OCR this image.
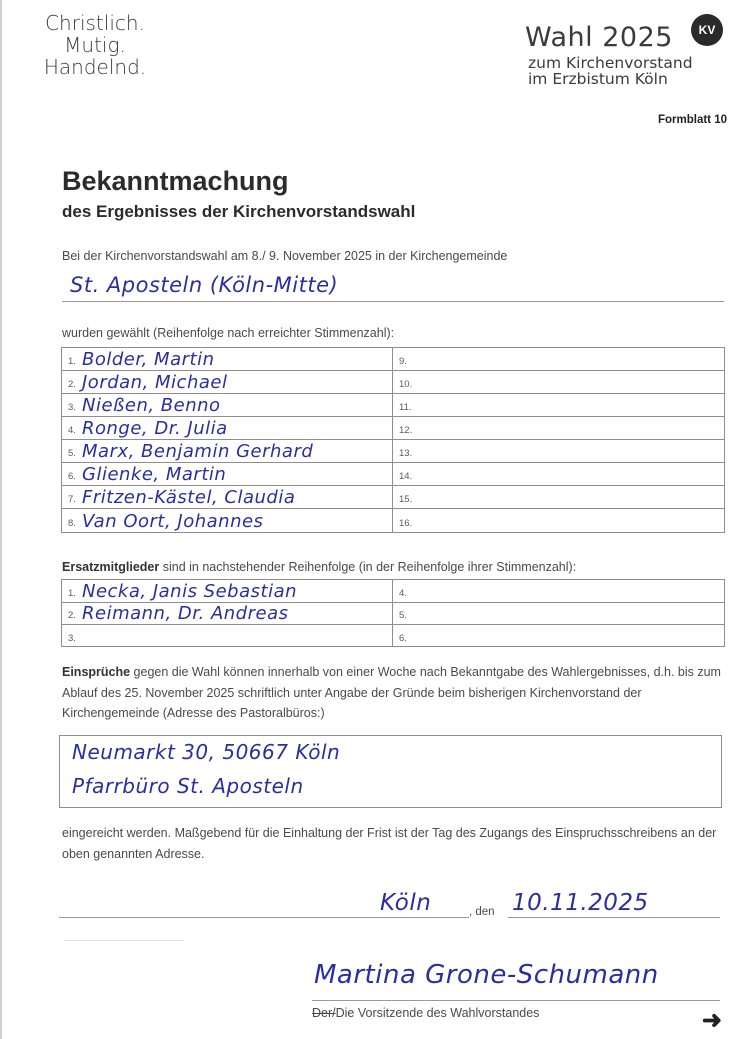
Christlich.
Mutig.
Handelnd.
Wahl 2025	KV
zum Kirchenvorstand
im Erzbistum Köln
Formblatt 10
Bekanntmachung
des Ergebnisses der Kirchenvorstandswahl
Bei der Kirchenvorstandswahl am 8./ 9. November 2025 in der Kirchengemeinde
St. Aposteln (Köln-Mitte)
wurden gewählt (Reihenfolge nach erreichter Stimmenzahl):
1. Bolder, Martin	9.
2. Jordan, Michael	10.
3. Nießen, Benno	11.
4. Ronge, Dr. Julia	12.
5. Marx, Benjamin Gerhard	13.
6. Glienke, Martin	14.
7. Fritzen-Kästel, Claudia	15.
8. Van Oort, Johannes	16.
Ersatzmitglieder sind in nachstehender Reihenfolge (in der Reihenfolge ihrer Stimmenzahl):
1. Necka, Janis Sebastian	4.
2. Reimann, Dr. Andreas	5.
3.	6.
Einsprüche gegen die Wahl können innerhalb von einer Woche nach Bekanntgabe des Wahlergebnisses, d.h. bis zum Ablauf des 25. November 2025 schriftlich unter Angabe der Gründe beim bisherigen Kirchenvorstand der Kirchengemeinde (Adresse des Pastoralbüros:)
Neumarkt 30, 50667 Köln
Pfarrbüro St. Aposteln
eingereicht werden. Maßgebend für die Einhaltung der Frist ist der Tag des Zugangs des Einspruchsschreibens an der oben genannten Adresse.
Köln	, den 10.11.2025
Martina Grone-Schumann
Der/Die Vorsitzende des Wahlvorstandes	➜
